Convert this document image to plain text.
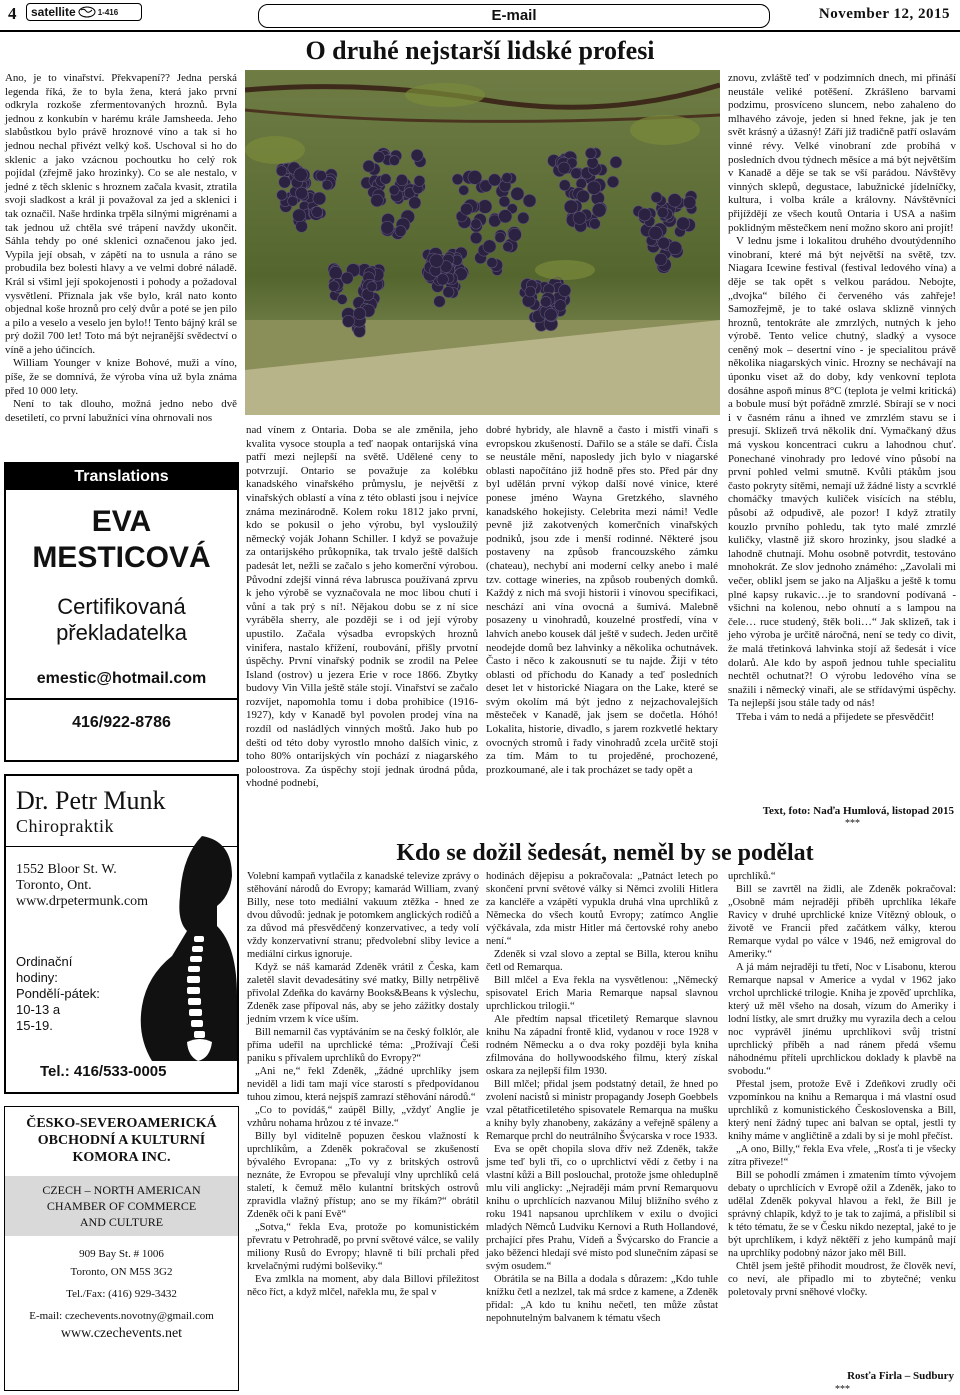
4 satellite	1-416	E-mail	November 12, 2015
O druhé nejstarší lidské profesi

Ano, je to vinařství. Překvapení?? Jedna perská legenda říká, že to byla žena, která jako první odkryla rozkoše zfermentovaných hroznů. Byla jednou z konkubín v harému krále Jamsheeda. Jeho slabůstkou bylo právě hroznové víno a tak si ho jednou nechal přivézt velký koš. Uschoval si ho do sklenic a jako vzácnou pochoutku ho celý rok pojídal (zřejmě jako hrozinky). Co se ale nestalo, v jedné z těch sklenic s hroznem začala kvasit, ztratila svoji sladkost a král ji považoval za jed a sklenici i tak označil. Naše hrdinka trpěla silnými migrénami a tak jednou už chtěla své trápení navždy ukončit. Sáhla tehdy po oné sklenici označenou jako jed. Vypila její obsah, v zápětí na to usnula a ráno se probudila bez bolesti hlavy a ve velmi dobré náladě. Král si všiml její spokojenosti i pohody a požadoval vysvětlení. Přiznala jak vše bylo, král nato konto objednal koše hroznů pro celý dvůr a poté se jen pilo a pilo a veselo a veselo jen bylo!! Tento bájný král se prý dožil 700 let! Toto má být nejranější svědectví o víně a jeho účincích.

William Younger v knize Bohové, muži a víno, píše, že se domnívá, že výroba vína už byla známa před 10 000 lety.

Není to tak dlouho, možná jedno nebo dvě desetiletí, co první labužníci vína ohrnovali nos

nad vínem z Ontaria. Doba se ale změnila, jeho kvalita vysoce stoupla a teď naopak ontarijská vína patří mezi nejlepší na světě. Udělené ceny to potvrzují. Ontario se považuje za kolébku kanadského vinařského průmyslu, je největší z vinařských oblastí a vína z této oblasti jsou i nejvíce známa mezinárodně. Kolem roku 1812 jako první, kdo se pokusil o jeho výrobu, byl vysloužilý německý voják Johann Schiller. I když se považuje za ontarijského průkopníka, tak trvalo ještě dalších padesát let, nežli se začalo s jeho komerční výrobou. Původní zdejší vinná réva labrusca používaná zprvu k jeho výrobě se vyznačovala ne moc libou chutí i vůní a tak prý s ní!. Nějakou dobu se z ní sice vyráběla sherry, ale později se i od její výroby upustilo. Začala výsadba evropských hroznů vinifera, nastalo křížení, roubování, přišly prvotní úspěchy. První vinařský podnik se zrodil na Pelee Island (ostrov) u jezera Erie v roce 1866. Zbytky budovy Vin Villa ještě stále stojí. Vinařství se začalo rozvíjet, napomohla tomu i doba prohibice (1916-1927), kdy v Kanadě byl povolen prodej vína na rozdíl od nasládlých vinných moštů. Jako hub po dešti od této doby vyrostlo mnoho dalších vinic, z toho 80% ontarijských vín pochází z niagarského poloostrova. Za úspěchy stojí jednak úrodná půda, vhodné podnebí,

dobré hybridy, ale hlavně a často i mistři vinaři s evropskou zkušeností. Dařilo se a stále se daří. Čísla se neustále mění, naposledy jich bylo v niagarské oblasti napočítáno již hodně přes sto. Před pár dny byl udělán první výkop další nové vinice, které ponese jméno Wayna Gretzkého, slavného kanadského hokejisty. Celebrita mezi námi! Vedle pevně již zakotvených komerčních vinařských podniků, jsou zde i menší rodinné. Některé jsou postaveny na způsob francouzského zámku (chateau), nechybí ani moderní celky anebo i malé tzv. cottage wineries, na způsob roubených domků. Každý z nich má svoji historii i vínovou specifikaci, neschází ani vína ovocná a šumivá. Malebně posazeny u vinohradů, kouzelné prostředí, vína v lahvích anebo kousek dál ještě v sudech. Jeden určitě neodejde domů bez lahvinky a několika ochutnávek. Často i něco k zakousnutí se tu najde. Žiji v této oblasti od příchodu do Kanady a teď posledních deset let v historické Niagara on the Lake, které se svým okolím má být jedno z nejzachovalejších městeček v Kanadě, jak jsem se dočetla. Hóhó! Lokalita, historie, divadlo, s jarem rozkvetlé hektary ovocných stromů i řady vinohradů zcela určitě stojí za tím. Mám to tu projeděné, prochozené, prozkoumané, ale i tak procházet se tady opět a

znovu, zvláště teď v podzimních dnech, mi přináší neustále veliké potěšení. Zkrášleno barvami podzimu, prosvíceno sluncem, nebo zahaleno do mlhavého závoje, jeden si hned řekne, jak je ten svět krásný a úžasný! Září již tradičně patří oslavám vinné révy. Velké vinobraní zde probíhá v posledních dvou týdnech měsíce a má být největším v Kanadě a děje se tak se vší parádou. Návštěvy vinných sklepů, degustace, labužnické jídelníčky, kultura, i volba krále a královny. Návštěvníci přijíždějí ze všech koutů Ontaria i USA a našim poklidným městečkem není možno skoro ani projít!

V lednu jsme i lokalitou druhého dvoutýdenního vinobraní, které má být největší na světě, tzv. Niagara Icewine festival (festival ledového vína) a děje se tak opět s velkou parádou. Nebojte, „dvojka“ bílého či červeného vás zahřeje! Samozřejmě, je to také oslava sklizně vinných hroznů, tentokráte ale zmrzlých, nutných k jeho výrobě. Tento velice chutný, sladký a vysoce ceněný mok – desertní víno - je specialitou právě několika niagarských vinic. Hrozny se nechávají na úponku viset až do doby, kdy venkovní teplota dosáhne aspoň minus 8°C (teplota je velmi kritická) a bobule musí být pořádně zmrzlé. Sbírají se v noci i v časném ránu a ihned ve zmrzlém stavu se i presují. Sklizeň trvá několik dní. Vymačkaný džus má vyskou koncentraci cukru a lahodnou chuť. Ponechané vinohrady pro ledové víno působí na první pohled velmi smutně. Kvůli ptákům jsou často pokryty sítěmi, nemají už žádné listy a scvrklé chomáčky tmavých kuliček visících na stéblu, působí až odpudivě, ale pozor! I když ztratily kouzlo prvního pohledu, tak tyto malé zmrzlé kuličky, vlastně již skoro hrozinky, jsou sladké a lahodně chutnají. Mohu osobně potvrdit, testováno mnohokrát. Ze slov jednoho známého: „Zavolali mi večer, oblikl jsem se jako na Aljašku a ještě k tomu plné kapsy rukavic…je to srandovní podívaná - všichni na kolenou, nebo ohnutí a s lampou na čele… ruce studený, štěk boli…“ Jak sklizeň, tak i jeho výroba je určitě náročná, není se tedy co divit, že malá třetinková lahvinka stojí až šedesát i více dolarů. Ale kdo by aspoň jednou tuhle specialitu nechtěl ochutnat?! O výrobu ledového vína se snažili i německý vinaři, ale se střídavými úspěchy. Ta nejlepší jsou stále tady od nás!

Třeba i vám to nedá a přijedete se přesvědčit!

Text, foto: Naďa Humlová, listopad 2015
***
Translations
EVA
MESTICOVÁ
Certifikovaná
překladatelka
emestic@hotmail.com
416/922-8786
Dr. Petr Munk
Chiropraktik
1552 Bloor St. W.
Toronto, Ont.
www.drpetermunk.com
Ordinační
hodiny:
Pondělí-pátek:
10-13 a
15-19.
Tel.: 416/533-0005
ČESKO-SEVEROAMERICKÁ
OBCHODNÍ A KULTURNÍ
KOMORA INC.
CZECH – NORTH AMERICAN
CHAMBER OF COMMERCE
AND CULTURE
909 Bay St. # 1006
Toronto, ON M5S 3G2
Tel./Fax: (416) 929-3432
E-mail: czechevents.novotny@gmail.com
www.czechevents.net
Kdo se dožil šedesát, neměl by se podělat

Volební kampaň vytlačila z kanadské televize zprávy o stěhování národů do Evropy; kamarád William, zvaný Billy, nese toto mediální vakuum ztěžka - hned ze dvou důvodů: jednak je potomkem anglických rodičů a za důvod má přesvědčený konzervativec, a tedy volí vždy konzervativní stranu; předvolební sliby levice a mediální cirkus ignoruje.

Když se náš kamarád Zdeněk vrátil z Česka, kam zaletěl slavit devadesátiny své matky, Billy netrpělivě přivolal Zdeňka do kavárny Books&Beans k výslechu, Zdeněk zase přípoval nás, aby se jeho zážitky dostaly jedním vrzem k více uším.

Bill nemarnil čas vyptáváním se na český folklór, ale příma udeřil na uprchlické téma: „Prožívají Češi paniku s přívalem uprchlíků do Evropy?“

„Ani ne,“ řekl Zdeněk, „žádné uprchlíky jsem neviděl a lidi tam mají více starostí s předpovídanou tuhou zimou, která nejspíš zamrazí stěhování národů.“

„Co to povídáš,“ zaúpěl Billy, „vždyť Anglie je vzhůru nohama hrůzou z té invaze.“

Billy byl viditelně popuzen českou vlažností k uprchlíkům, a Zdeněk pokračoval se zkušeností bývalého Evropana: „To vy z britských ostrovů neznáte, že Evropou se převalují vlny uprchlíků celá staletí, k čemuž mělo kulantní britských ostrovů zpravidla vlažný přístup; ano se my říkám?“ obrátil Zdeněk oči k paní Evě“

„Sotva,“ řekla Eva, protože po komunistickém převratu v Petrohradě, po první světové válce, se valily miliony Rusů do Evropy; hlavně ti bílí prchali před krvelačnými rudými bolševiky.“

Eva zmlkla na moment, aby dala Billovi příležitost něco říct, a když mlčel, nařekla mu, že spal v

hodinách dějepisu a pokračovala: „Patnáct letech po skončení první světové války si Němci zvolili Hitlera za kancléře a vzápětí vypukla druhá vlna uprchlíků z Německa do všech koutů Evropy; zatímco Anglie výčkávala, zda mistr Hitler má čertovské rohy anebo není.“

Zdeněk si vzal slovo a zeptal se Billa, kterou knihu četl od Remarqua.

Bill mlčel a Eva řekla na vysvětlenou: „Německý spisovatel Erich Maria Remarque napsal slavnou uprchlickou trilogii.“

Ale předtím napsal třicetiletý Remarque slavnou knihu Na západní frontě klid, vydanou v roce 1928 v rodném Německu a o dva roky později byla kniha zfilmována do hollywoodského filmu, který získal oskara za nejlepší film 1930.

Bill mlčel; přidal jsem podstatný detail, že hned po zvolení nacistů si ministr propagandy Joseph Goebbels vzal pětatřicetiletého spisovatele Remarqua na mušku a knihy byly zhanobeny, zakázány a veřejně spáleny a Remarque prchl do neutrálního Švýcarska v roce 1933.

Eva se opět chopila slova dřív než Zdeněk, takže jsme teď byli tři, co o uprchlictví vědí z četby i na vlastní kůži a Bill poslouchal, protože jsme ohleduplně mlu vili anglicky: „Nejraději mám první Remarquovu knihu o uprchlících nazvanou Miluj bližního svého z roku 1941 napsanou uprchlíkem v exilu o dvojici mladých Němců Ludviku Kernovi a Ruth Hollandové, prchající přes Prahu, Vídeň a Švýcarsko do Francie a jako běženci hledají své místo pod slunečním zápasí se svým osudem.“

Obrátila se na Billa a dodala s důrazem: „Kdo tuhle knížku četl a nezlzel, tak má srdce z kamene, a Zdeněk přidal: „A kdo tu knihu nečetl, ten může zůstat nepohnutelným balvanem k tématu všech

uprchlíků.“

Bill se zavrtěl na židli, ale Zdeněk pokračoval: „Osobně mám nejraději příběh uprchlíka lékaře Ravicy v druhé uprchlické knize Vítězný oblouk, o životě ve Francii před začátkem války, kterou Remarque vydal po válce v 1946, než emigroval do Ameriky.“

A já mám nejraději tu třetí, Noc v Lisabonu, kterou Remarque napsal v Americe a vydal v 1962 jako vrchol uprchlické trilogie. Kniha je zpověď uprchlíka, který už měl všeho na dosah, vízum do Ameriky i lodní lístky, ale smrt družky mu vyrazila dech a celou noc vyprávěl jinému uprchlíkovi svůj tristní uprchlický příběh a nad ránem předá všemu náhodnému příteli uprchlickou doklady k plavbě na svobodu.“

Přestal jsem, protože Evě i Zdeňkovi zrudly oči vzpomínkou na knihu a Remarqua i má vlastní osud uprchlíků z komunistického Československa a Bill, který není žádný tupec ani balvan se optal, jestli ty knihy máme v angličtině a zdali by si je mohl přečíst.

„A ono, Billy,“ řekla Eva vřele, „Rosťa ti je všecky zítra přiveze!“

Bill se pohodlí zmámen i zmatením tímto vývojem debaty o uprchlících v Evropě ožil a Zdeněk, jako to udělal Zdeněk pokyval hlavou a řekl, že Bill je správný chlapík, když to je tak to zajímá, a přislíbil si k této tématu, že se v Česku nikdo nezeptal, jaké to je být uprchlíkem, i když něktěří z jeho kumpánů mají na uprchlíky podobný názor jako měl Bill.

Chtěl jsem ještě přihodit moudrost, že člověk neví, co neví, ale připadlo mi to zbytečné; venku poletovaly první sněhové vločky.

Rosťa Firla – Sudbury
***
